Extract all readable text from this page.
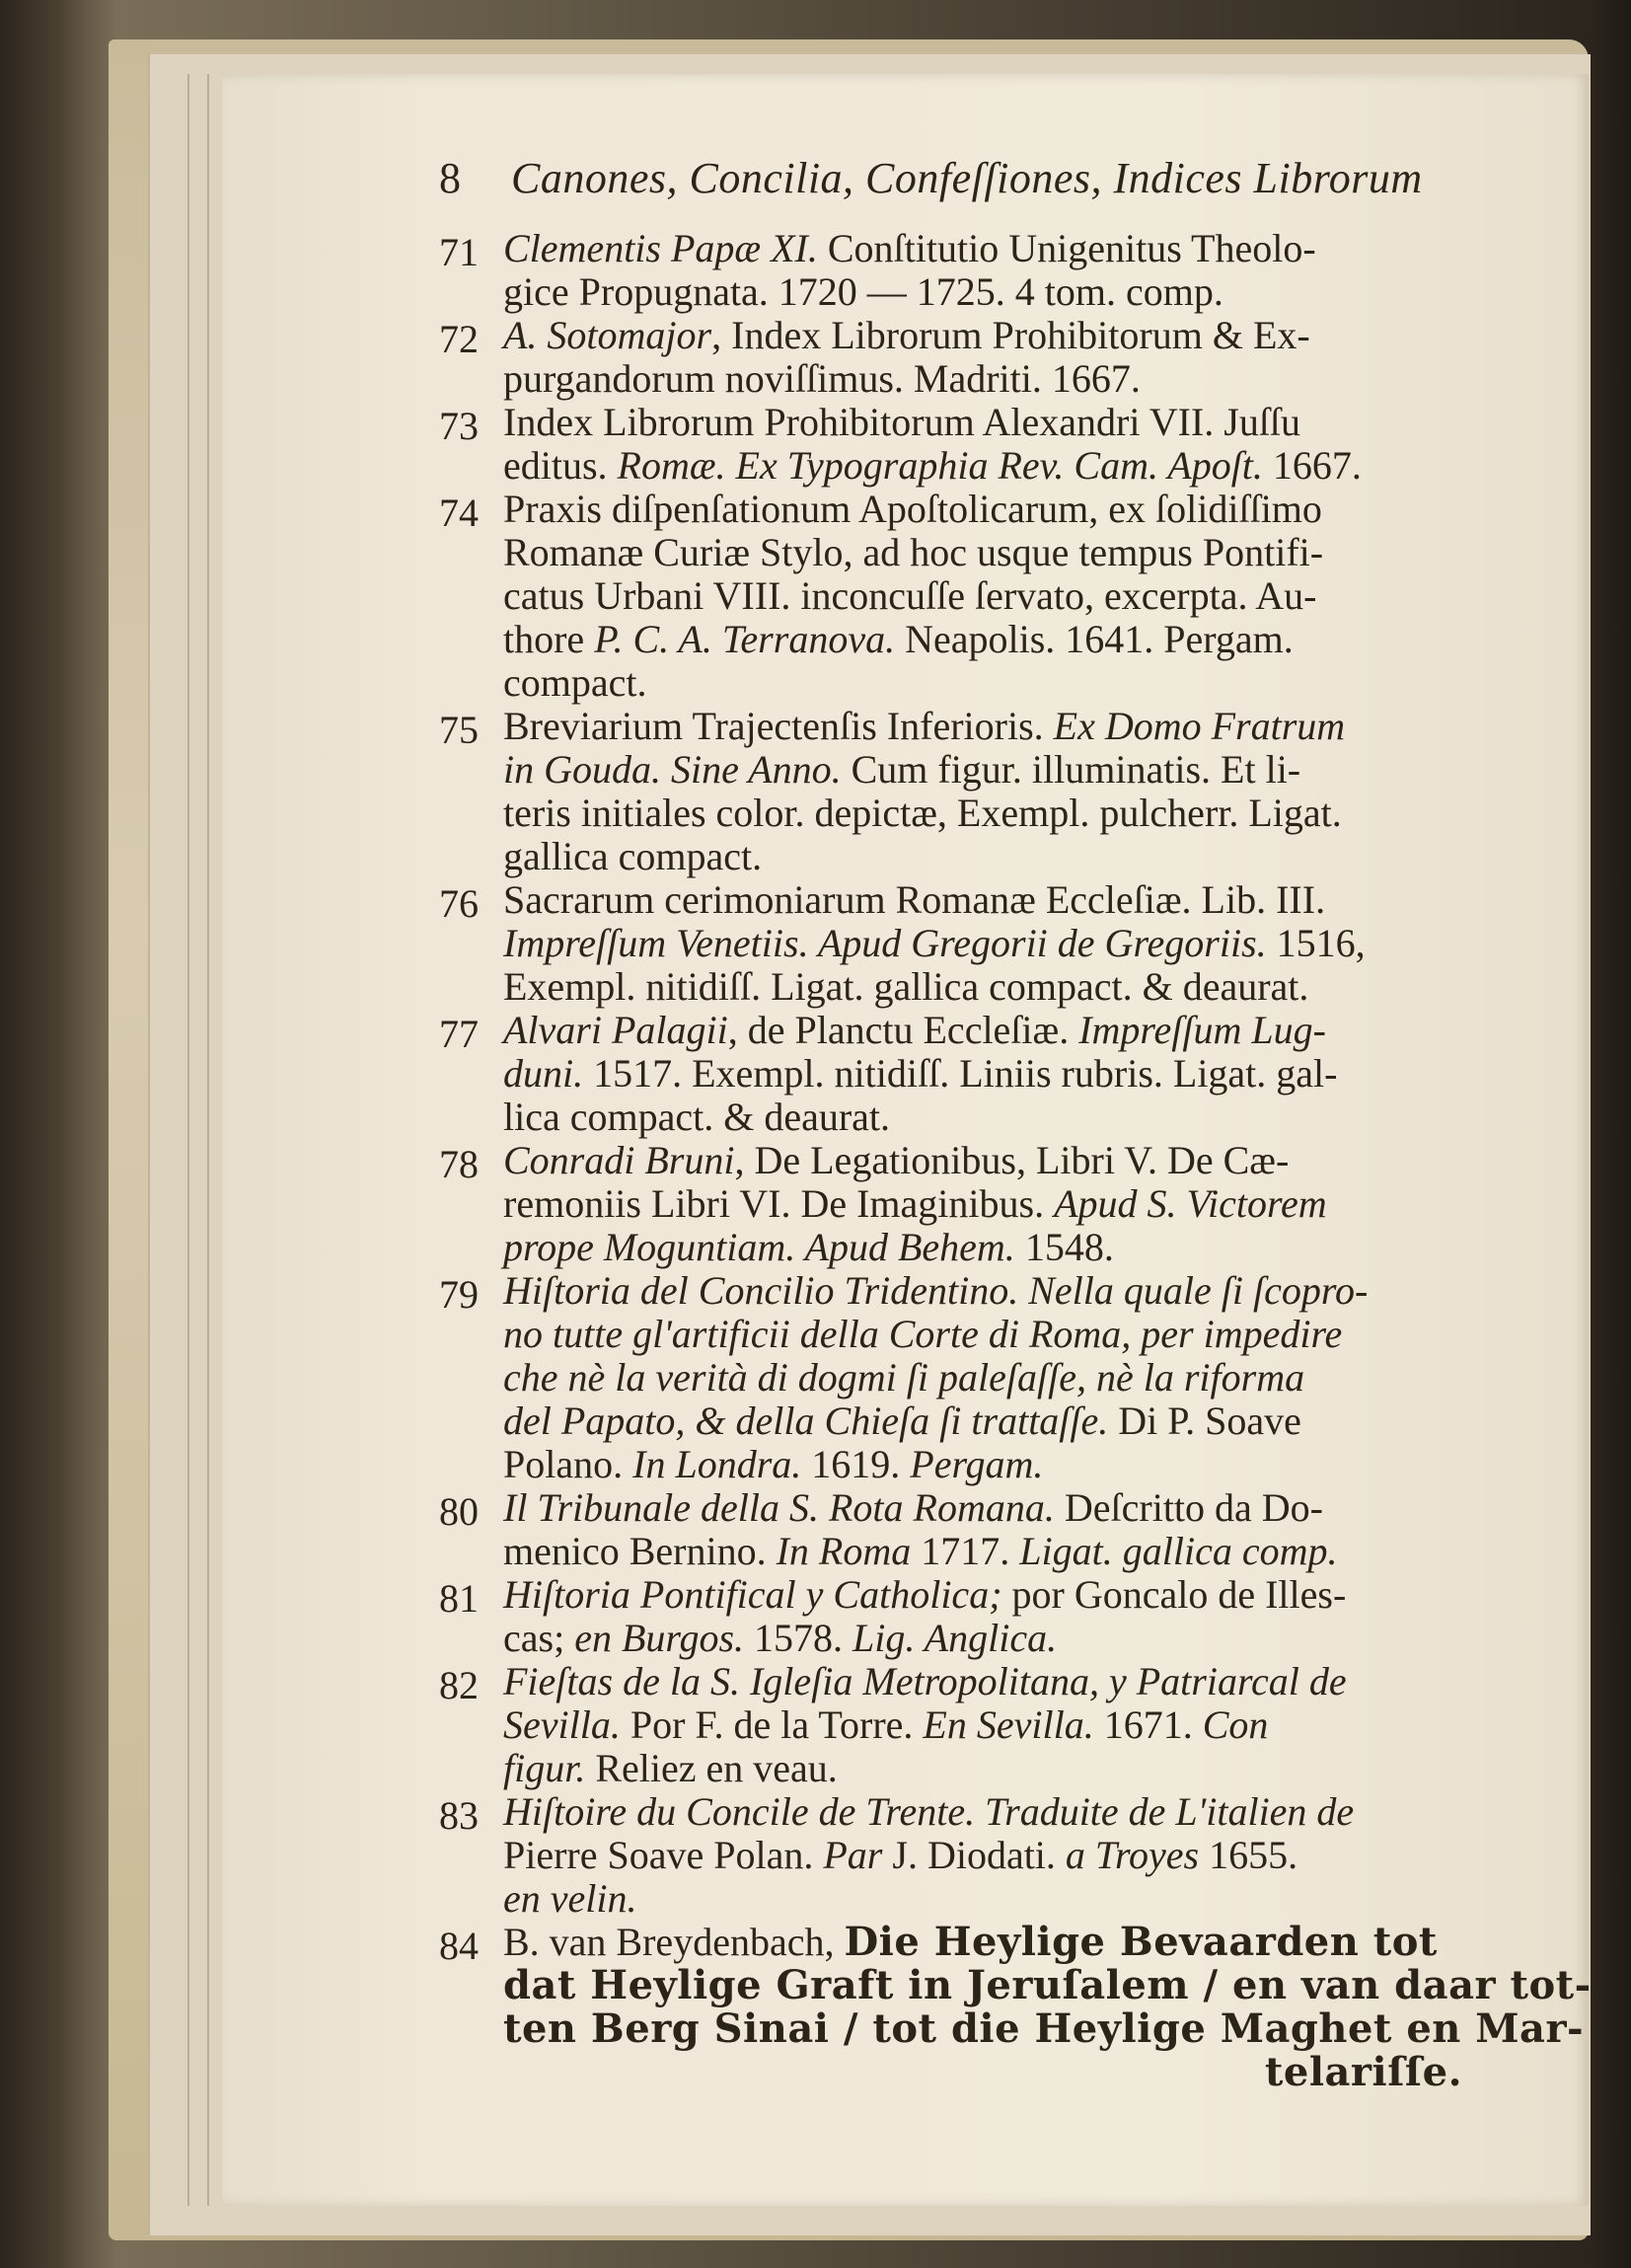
8 Canones, Concilia, Confeſſiones, Indices Librorum
71 Clementis Papæ XI. Conſtitutio Unigenitus Theolo-
gice Propugnata. 1720 — 1725. 4 tom. comp.
72 A. Sotomajor, Index Librorum Prohibitorum & Ex-
purgandorum noviſſimus. Madriti. 1667.
73 Index Librorum Prohibitorum Alexandri VII. Juſſu
editus. Romæ. Ex Typographia Rev. Cam. Apoſt. 1667.
74 Praxis diſpenſationum Apoſtolicarum, ex ſolidiſſimo
Romanæ Curiæ Stylo, ad hoc usque tempus Pontifi-
catus Urbani VIII. inconcuſſe ſervato, excerpta. Au-
thore P. C. A. Terranova. Neapolis. 1641. Pergam.
compact.
75 Breviarium Trajectenſis Inferioris. Ex Domo Fratrum
in Gouda. Sine Anno. Cum figur. illuminatis. Et li-
teris initiales color. depictæ, Exempl. pulcherr. Ligat.
gallica compact.
76 Sacrarum cerimoniarum Romanæ Eccleſiæ. Lib. III.
Impreſſum Venetiis. Apud Gregorii de Gregoriis. 1516,
Exempl. nitidiſſ. Ligat. gallica compact. & deaurat.
77 Alvari Palagii, de Planctu Eccleſiæ. Impreſſum Lug-
duni. 1517. Exempl. nitidiſſ. Liniis rubris. Ligat. gal-
lica compact. & deaurat.
78 Conradi Bruni, De Legationibus, Libri V. De Cæ-
remoniis Libri VI. De Imaginibus. Apud S. Victorem
prope Moguntiam. Apud Behem. 1548.
79 Hiſtoria del Concilio Tridentino. Nella quale ſi ſcopro-
no tutte gl'artificii della Corte di Roma, per impedire
che nè la verità di dogmi ſi paleſaſſe, nè la riforma
del Papato, & della Chieſa ſi trattaſſe. Di P. Soave
Polano. In Londra. 1619. Pergam.
80 Il Tribunale della S. Rota Romana. Deſcritto da Do-
menico Bernino. In Roma 1717. Ligat. gallica comp.
81 Hiſtoria Pontifical y Catholica; por Goncalo de Illes-
cas; en Burgos. 1578. Lig. Anglica.
82 Fieſtas de la S. Igleſia Metropolitana, y Patriarcal de
Sevilla. Por F. de la Torre. En Sevilla. 1671. Con
figur. Reliez en veau.
83 Hiſtoire du Concile de Trente. Traduite de L'italien de
Pierre Soave Polan. Par J. Diodati. a Troyes 1655.
en velin.
84 B. van Breydenbach, Die Heylige Bevaarden tot
dat Heylige Graft in Jeruſalem / en van daar tot-
ten Berg Sinai / tot die Heylige Maghet en Mar-
telariſſe.
